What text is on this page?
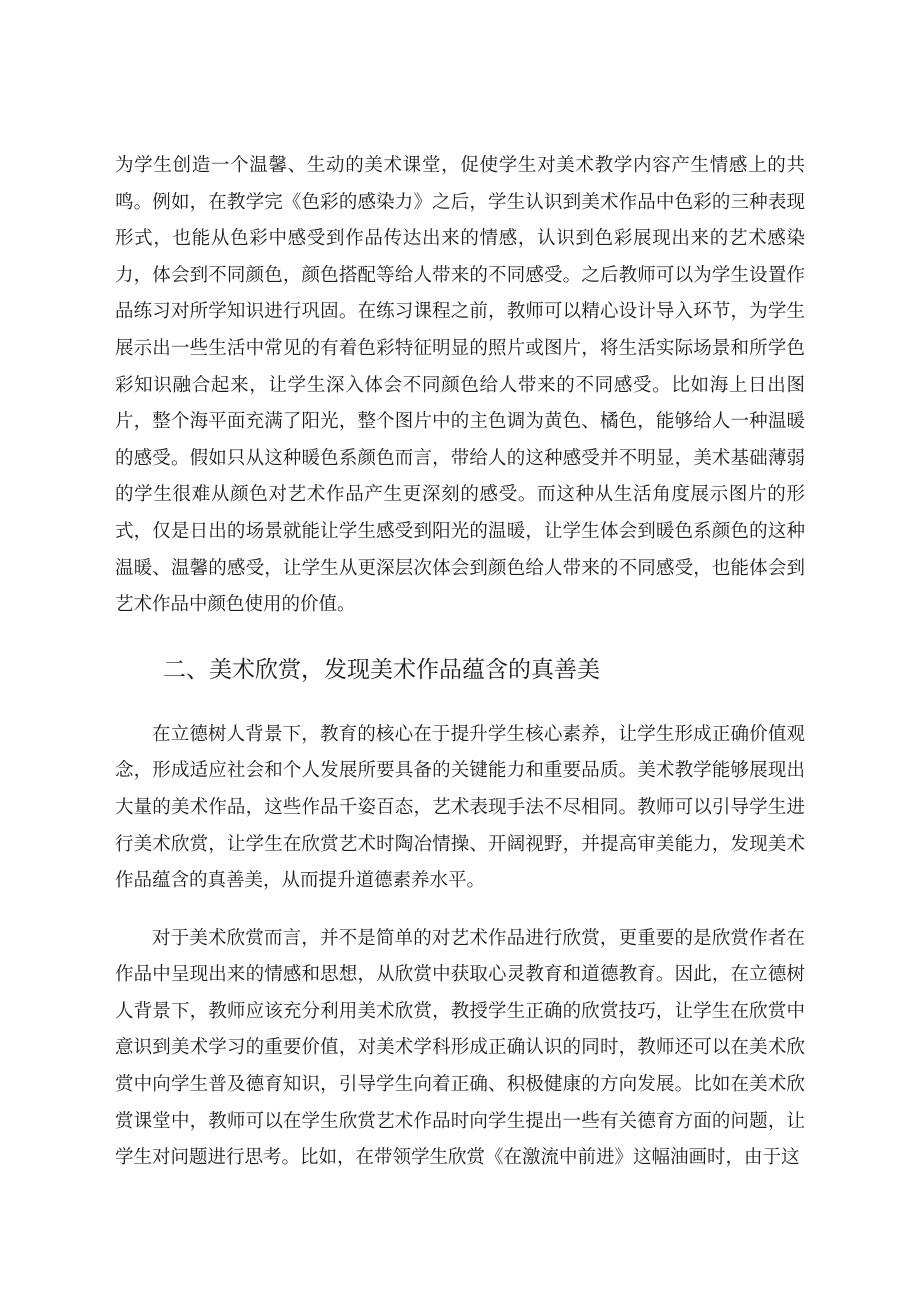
为学生创造一个温馨、生动的美术课堂，促使学生对美术教学内容产生情感上的共鸣。例如，在教学完《色彩的感染力》之后，学生认识到美术作品中色彩的三种表现形式，也能从色彩中感受到作品传达出来的情感，认识到色彩展现出来的艺术感染力，体会到不同颜色，颜色搭配等给人带来的不同感受。之后教师可以为学生设置作品练习对所学知识进行巩固。在练习课程之前，教师可以精心设计导入环节，为学生展示出一些生活中常见的有着色彩特征明显的照片或图片，将生活实际场景和所学色彩知识融合起来，让学生深入体会不同颜色给人带来的不同感受。比如海上日出图片，整个海平面充满了阳光，整个图片中的主色调为黄色、橘色，能够给人一种温暖的感受。假如只从这种暖色系颜色而言，带给人的这种感受并不明显，美术基础薄弱的学生很难从颜色对艺术作品产生更深刻的感受。而这种从生活角度展示图片的形式，仅是日出的场景就能让学生感受到阳光的温暖，让学生体会到暖色系颜色的这种温暖、温馨的感受，让学生从更深层次体会到颜色给人带来的不同感受，也能体会到艺术作品中颜色使用的价值。

二、美术欣赏，发现美术作品蕴含的真善美

在立德树人背景下，教育的核心在于提升学生核心素养，让学生形成正确价值观念，形成适应社会和个人发展所要具备的关键能力和重要品质。美术教学能够展现出大量的美术作品，这些作品千姿百态，艺术表现手法不尽相同。教师可以引导学生进行美术欣赏，让学生在欣赏艺术时陶冶情操、开阔视野，并提高审美能力，发现美术作品蕴含的真善美，从而提升道德素养水平。

对于美术欣赏而言，并不是简单的对艺术作品进行欣赏，更重要的是欣赏作者在作品中呈现出来的情感和思想，从欣赏中获取心灵教育和道德教育。因此，在立德树人背景下，教师应该充分利用美术欣赏，教授学生正确的欣赏技巧，让学生在欣赏中意识到美术学习的重要价值，对美术学科形成正确认识的同时，教师还可以在美术欣赏中向学生普及德育知识，引导学生向着正确、积极健康的方向发展。比如在美术欣赏课堂中，教师可以在学生欣赏艺术作品时向学生提出一些有关德育方面的问题，让学生对问题进行思考。比如，在带领学生欣赏《在激流中前进》这幅油画时，由于这
